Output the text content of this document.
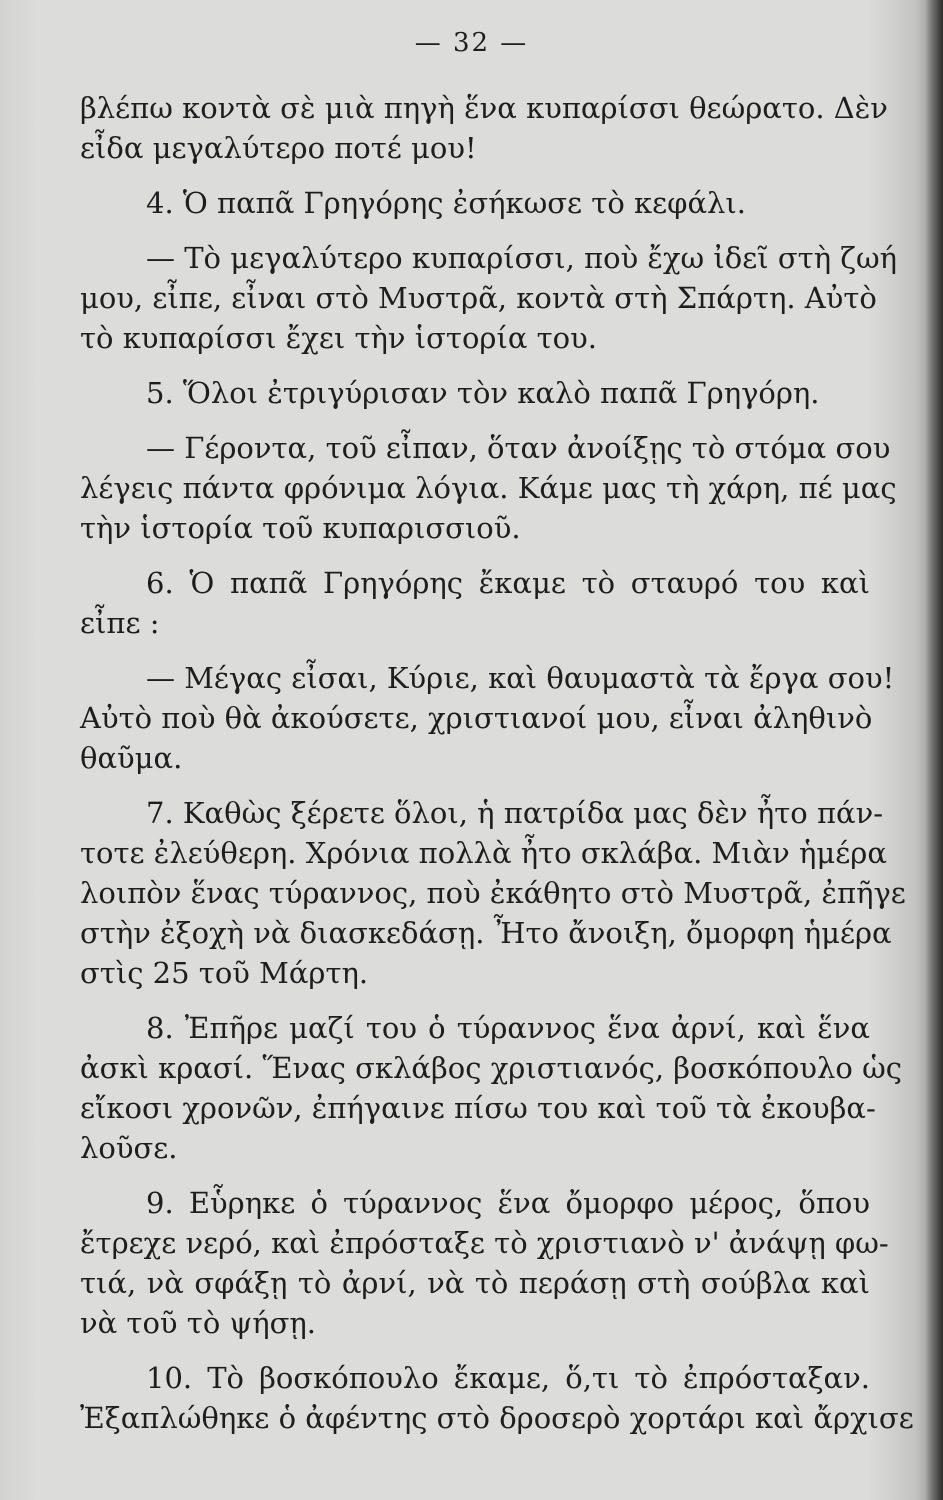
— 32 —
βλέπω κοντὰ σὲ μιὰ πηγὴ ἕνα κυπαρίσσι θεώρατο. Δὲν
εἶδα μεγαλύτερο ποτέ μου!
4. Ὁ παπᾶ Γρηγόρης ἐσήκωσε τὸ κεφάλι.
— Τὸ μεγαλύτερο κυπαρίσσι, ποὺ ἔχω ἰδεῖ στὴ ζωή
μου, εἶπε, εἶναι στὸ Μυστρᾶ, κοντὰ στὴ Σπάρτη. Αὐτὸ
τὸ κυπαρίσσι ἔχει τὴν ἱστορία του.
5. Ὅλοι ἐτριγύρισαν τὸν καλὸ παπᾶ Γρηγόρη.
— Γέροντα, τοῦ εἶπαν, ὅταν ἀνοίξῃς τὸ στόμα σου
λέγεις πάντα φρόνιμα λόγια. Κάμε μας τὴ χάρη, πέ μας
τὴν ἱστορία τοῦ κυπαρισσιοῦ.
6. Ὁ παπᾶ Γρηγόρης ἔκαμε τὸ σταυρό του καὶ
εἶπε :
— Μέγας εἶσαι, Κύριε, καὶ θαυμαστὰ τὰ ἔργα σου!
Αὐτὸ ποὺ θὰ ἀκούσετε, χριστιανοί μου, εἶναι ἀληθινὸ
θαῦμα.
7. Καθὼς ξέρετε ὅλοι, ἡ πατρίδα μας δὲν ἦτο πάν-
τοτε ἐλεύθερη. Χρόνια πολλὰ ἦτο σκλάβα. Μιὰν ἡμέρα
λοιπὸν ἕνας τύραννος, ποὺ ἐκάθητο στὸ Μυστρᾶ, ἐπῆγε
στὴν ἐξοχὴ νὰ διασκεδάσῃ. Ἦτο ἄνοιξη, ὄμορφη ἡμέρα
στὶς 25 τοῦ Μάρτη.
8. Ἐπῆρε μαζί του ὁ τύραννος ἕνα ἀρνί, καὶ ἕνα
ἀσκὶ κρασί. Ἕνας σκλάβος χριστιανός, βοσκόπουλο ὡς
εἴκοσι χρονῶν, ἐπήγαινε πίσω του καὶ τοῦ τὰ ἐκουβα-
λοῦσε.
9. Εὗρηκε ὁ τύραννος ἕνα ὄμορφο μέρος, ὅπου
ἔτρεχε νερό, καὶ ἐπρόσταξε τὸ χριστιανὸ ν' ἀνάψῃ φω-
τιά, νὰ σφάξῃ τὸ ἀρνί, νὰ τὸ περάσῃ στὴ σούβλα καὶ
νὰ τοῦ τὸ ψήσῃ.
10. Τὸ βοσκόπουλο ἔκαμε, ὅ,τι τὸ ἐπρόσταξαν.
Ἐξαπλώθηκε ὁ ἀφέντης στὸ δροσερὸ χορτάρι καὶ ἄρχισε
